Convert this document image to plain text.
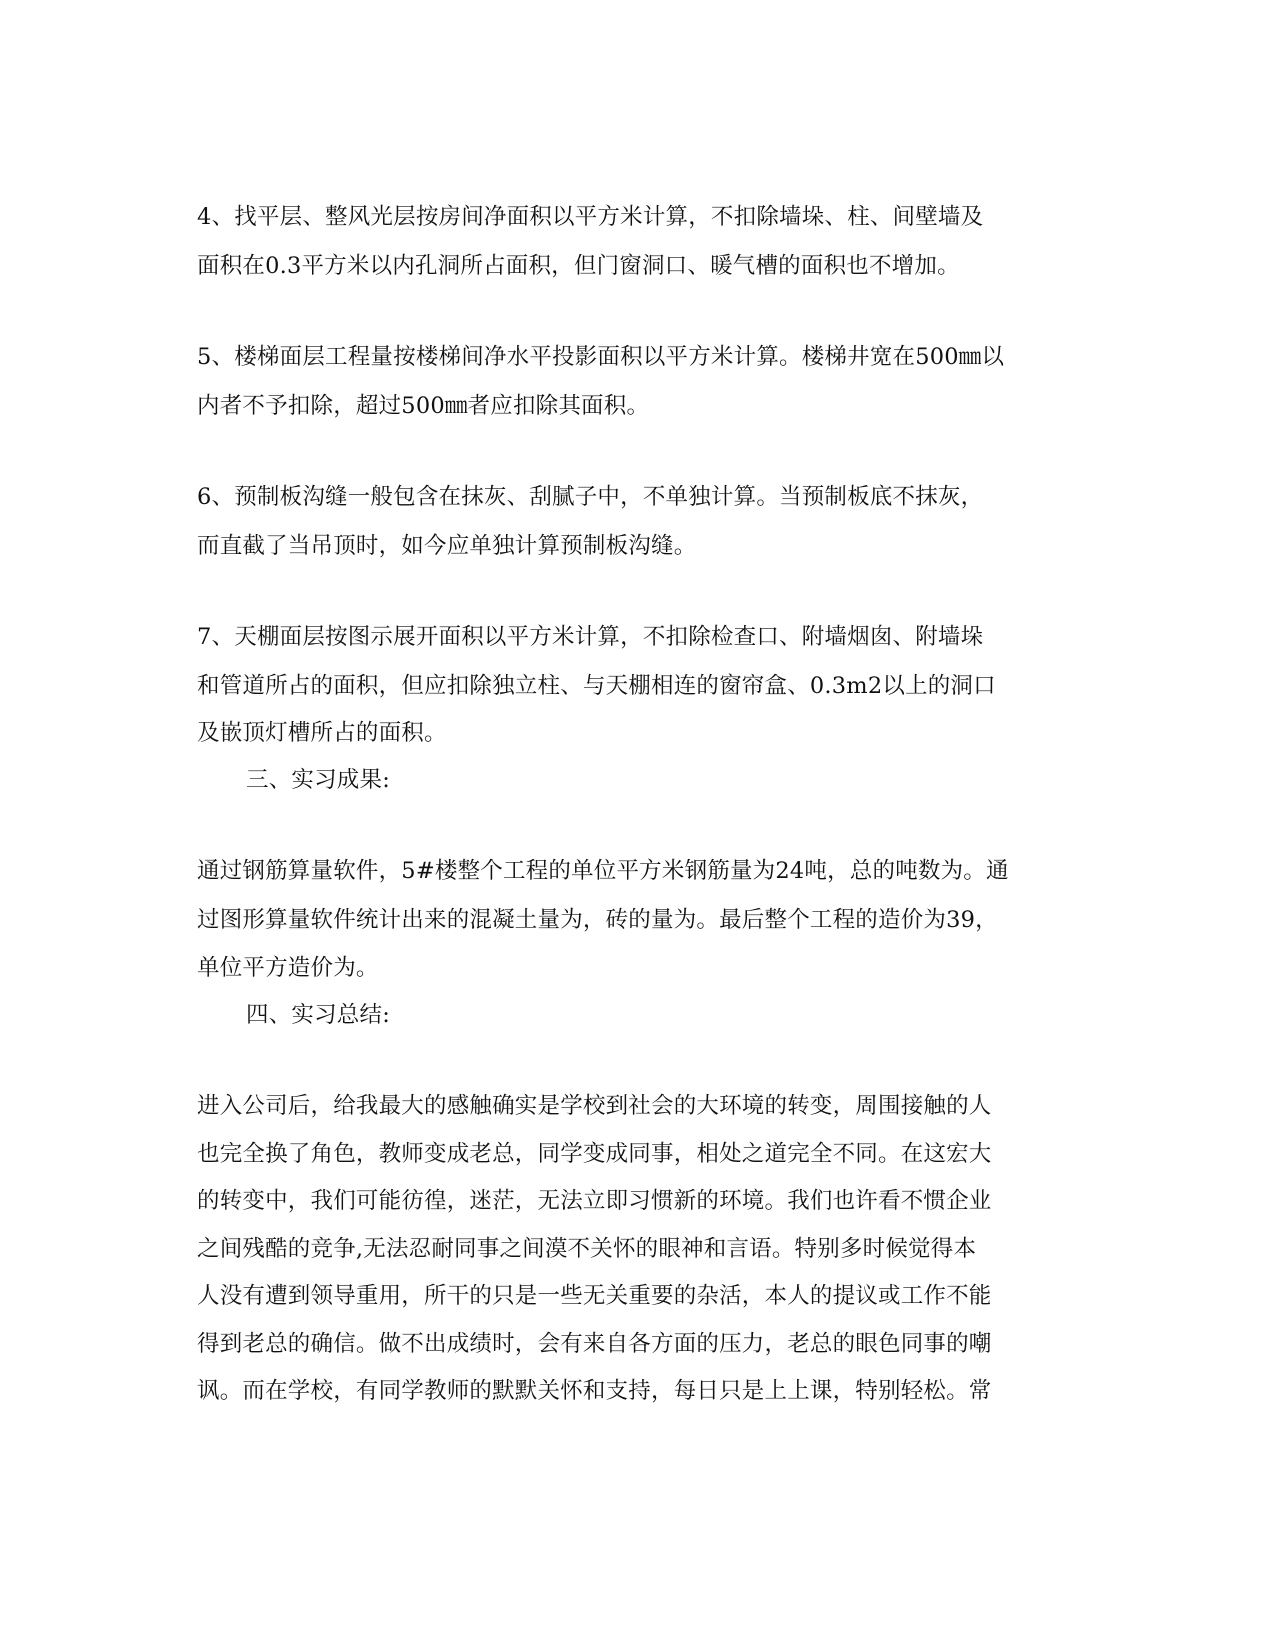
4、找平层、整风光层按房间净面积以平方米计算，不扣除墙垛、柱、间壁墙及
面积在0.3平方米以内孔洞所占面积，但门窗洞口、暖气槽的面积也不增加。
5、楼梯面层工程量按楼梯间净水平投影面积以平方米计算。楼梯井宽在500㎜以
内者不予扣除，超过500㎜者应扣除其面积。
6、预制板沟缝一般包含在抹灰、刮腻子中，不单独计算。当预制板底不抹灰，
而直截了当吊顶时，如今应单独计算预制板沟缝。
7、天棚面层按图示展开面积以平方米计算，不扣除检查口、附墙烟囱、附墙垛
和管道所占的面积，但应扣除独立柱、与天棚相连的窗帘盒、0.3m2以上的洞口
及嵌顶灯槽所占的面积。
三、实习成果:
通过钢筋算量软件，5#楼整个工程的单位平方米钢筋量为24吨，总的吨数为。通
过图形算量软件统计出来的混凝土量为，砖的量为。最后整个工程的造价为39，
单位平方造价为。
四、实习总结:
进入公司后，给我最大的感触确实是学校到社会的大环境的转变，周围接触的人
也完全换了角色，教师变成老总，同学变成同事，相处之道完全不同。在这宏大
的转变中，我们可能彷徨，迷茫，无法立即习惯新的环境。我们也许看不惯企业
之间残酷的竞争,无法忍耐同事之间漠不关怀的眼神和言语。特别多时候觉得本
人没有遭到领导重用，所干的只是一些无关重要的杂活，本人的提议或工作不能
得到老总的确信。做不出成绩时，会有来自各方面的压力，老总的眼色同事的嘲
讽。而在学校，有同学教师的默默关怀和支持，每日只是上上课，特别轻松。常
